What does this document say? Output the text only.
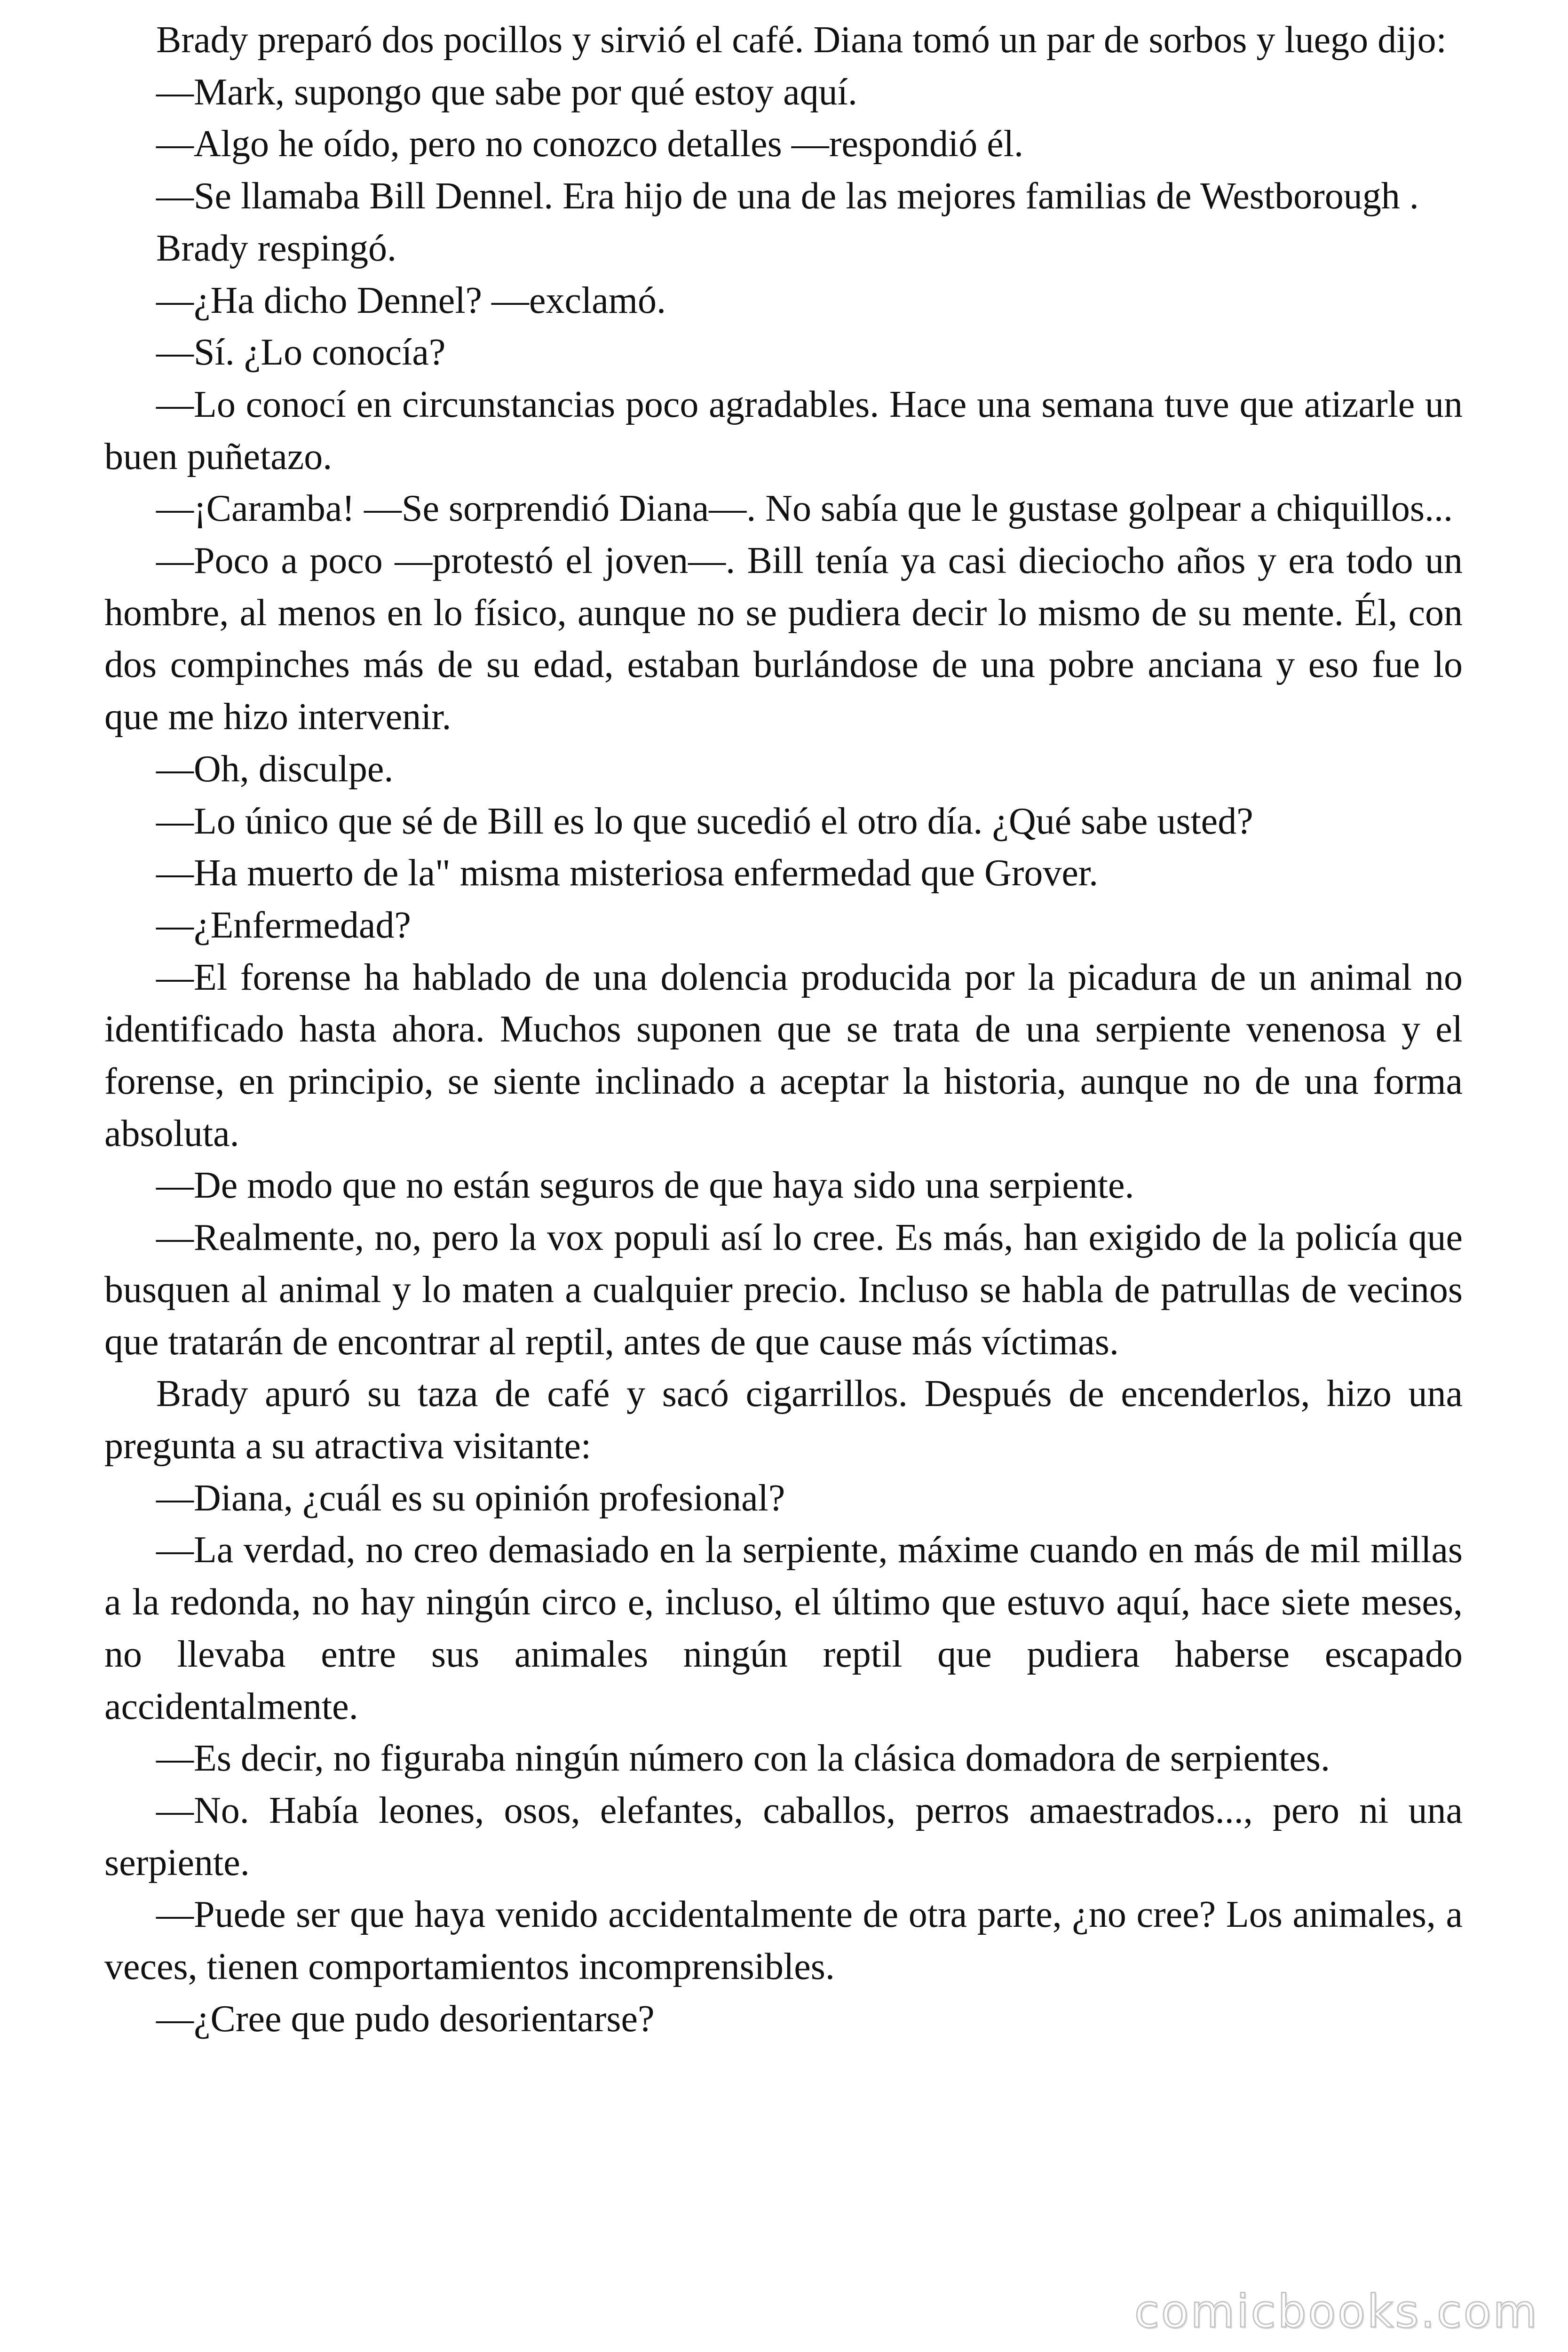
Brady preparó dos pocillos y sirvió el café. Diana tomó un par de sorbos y luego dijo:

—Mark, supongo que sabe por qué estoy aquí.

—Algo he oído, pero no conozco detalles —respondió él.

—Se llamaba Bill Dennel. Era hijo de una de las mejores familias de Westborough .

Brady respingó.

—¿Ha dicho Dennel? —exclamó.

—Sí. ¿Lo conocía?

—Lo conocí en circunstancias poco agradables. Hace una semana tuve que atizarle un buen puñetazo.

—¡Caramba! —Se sorprendió Diana—. No sabía que le gustase golpear a chiquillos...

—Poco a poco —protestó el joven—. Bill tenía ya casi dieciocho años y era todo un hombre, al menos en lo físico, aunque no se pudiera decir lo mismo de su mente. Él, con dos compinches más de su edad, estaban burlándose de una pobre anciana y eso fue lo que me hizo intervenir.

—Oh, disculpe.

—Lo único que sé de Bill es lo que sucedió el otro día. ¿Qué sabe usted?

—Ha muerto de la" misma misteriosa enfermedad que Grover.

—¿Enfermedad?

—El forense ha hablado de una dolencia producida por la picadura de un animal no identificado hasta ahora. Muchos suponen que se trata de una serpiente venenosa y el forense, en principio, se siente inclinado a aceptar la historia, aunque no de una forma absoluta.

—De modo que no están seguros de que haya sido una serpiente.

—Realmente, no, pero la vox populi así lo cree. Es más, han exigido de la policía que busquen al animal y lo maten a cualquier precio. Incluso se habla de patrullas de vecinos que tratarán de encontrar al reptil, antes de que cause más víctimas.

Brady apuró su taza de café y sacó cigarrillos. Después de encenderlos, hizo una pregunta a su atractiva visitante:

—Diana, ¿cuál es su opinión profesional?

—La verdad, no creo demasiado en la serpiente, máxime cuando en más de mil millas a la redonda, no hay ningún circo e, incluso, el último que estuvo aquí, hace siete meses, no llevaba entre sus animales ningún reptil que pudiera haberse escapado accidentalmente.

—Es decir, no figuraba ningún número con la clásica domadora de serpientes.

—No. Había leones, osos, elefantes, caballos, perros amaestrados..., pero ni una serpiente.

—Puede ser que haya venido accidentalmente de otra parte, ¿no cree? Los animales, a veces, tienen comportamientos incomprensibles.

—¿Cree que pudo desorientarse?

comicbooks.com
